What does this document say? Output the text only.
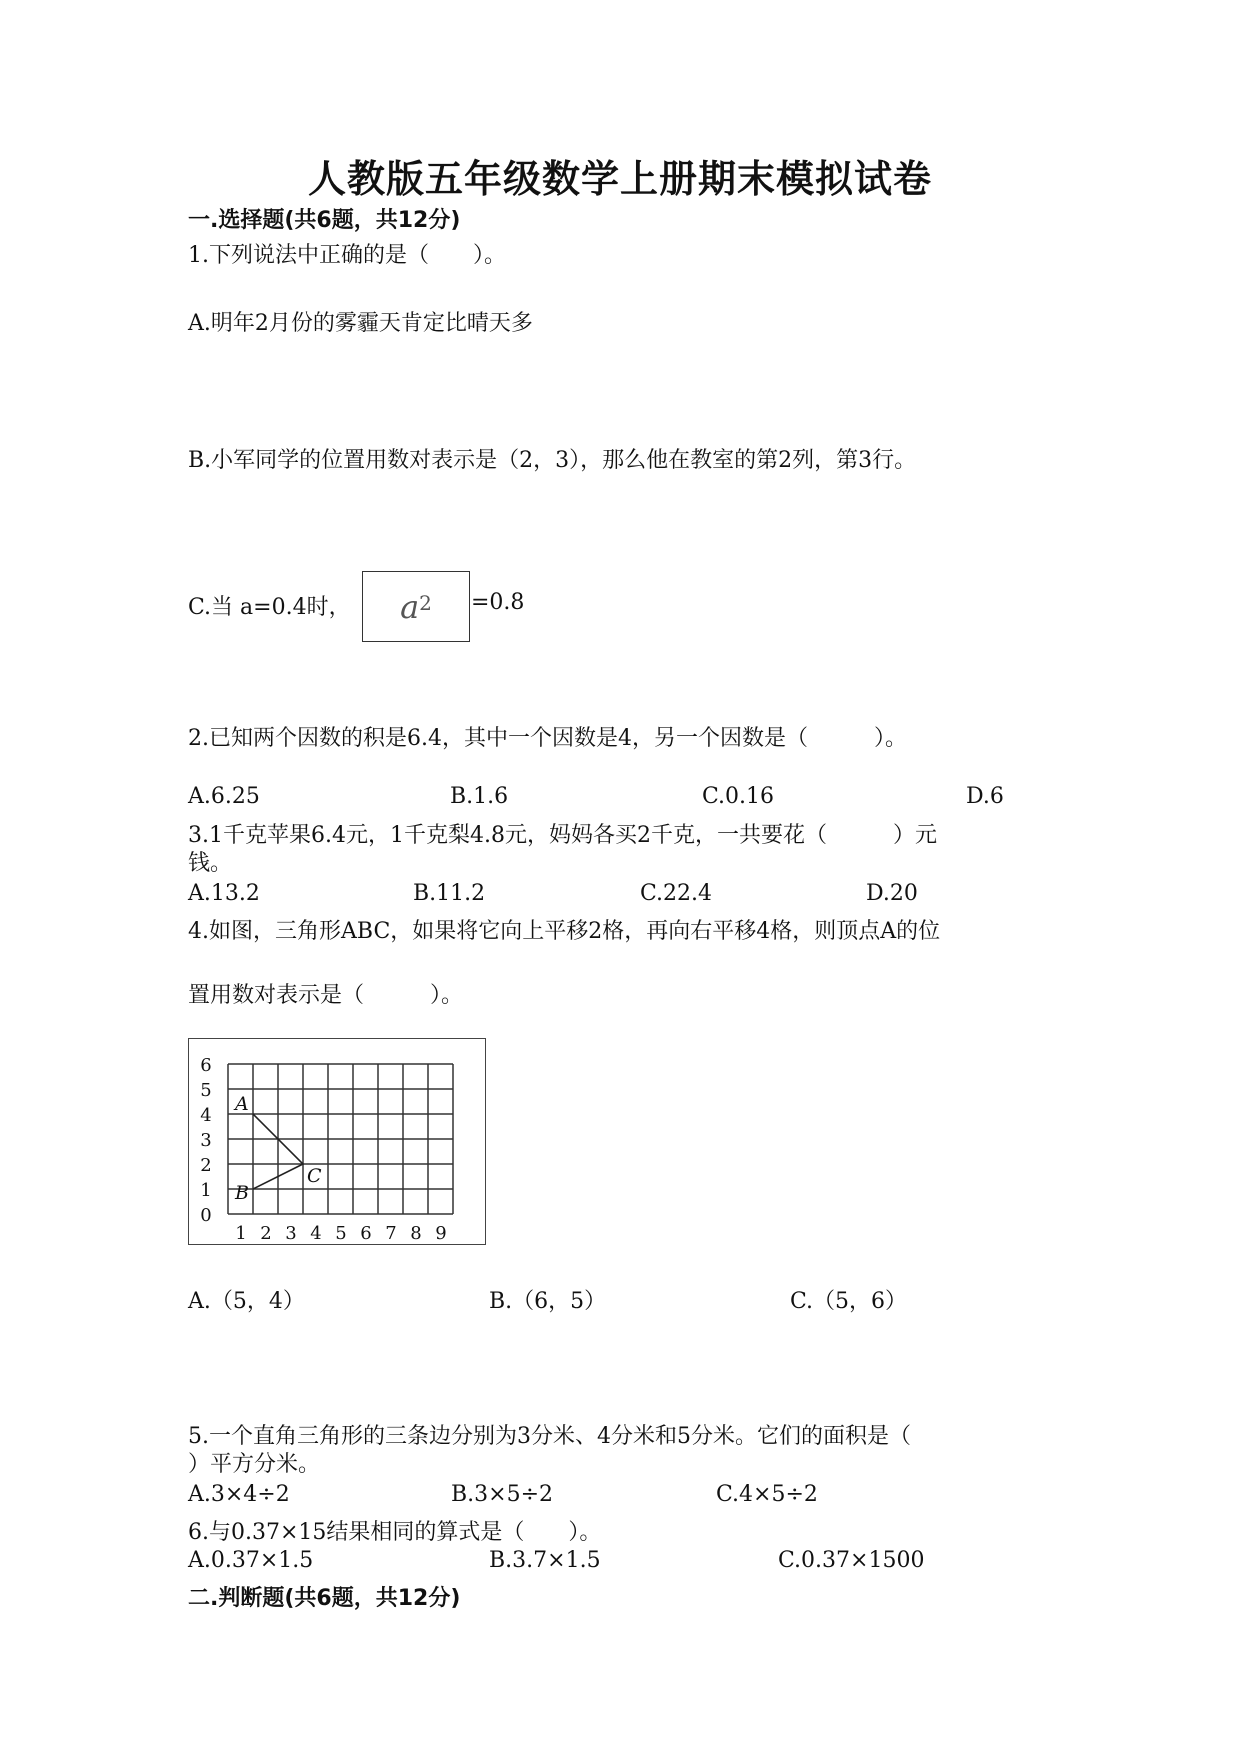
人教版五年级数学上册期末模拟试卷
一.选择题(共6题，共12分)
1.下列说法中正确的是（　　）。
A.明年2月份的雾霾天肯定比晴天多
B.小军同学的位置用数对表示是（2，3），那么他在教室的第2列，第3行。
C.当 a=0.4时， $a^2 =0.8$
2.已知两个因数的积是6.4，其中一个因数是4，另一个因数是（　　　）。
A.6.25	B.1.6	C.0.16	D.6
3.1千克苹果6.4元，1千克梨4.8元，妈妈各买2千克，一共要花（　　　）元
钱。
A.13.2	B.11.2	C.22.4	D.20
4.如图，三角形ABC，如果将它向上平移2格，再向右平移4格，则顶点A的位
置用数对表示是（　　　）。
6
5
4
3
2
1
0
1 2 3 4 5 6 7 8 9
A
B
C
A.（5，4）	B.（6，5）	C.（5，6）
5.一个直角三角形的三条边分别为3分米、4分米和5分米。它们的面积是（
）平方分米。
A.3×4÷2	B.3×5÷2	C.4×5÷2
6.与0.37×15结果相同的算式是（　　）。
A.0.37×1.5	B.3.7×1.5	C.0.37×1500
二.判断题(共6题，共12分)
